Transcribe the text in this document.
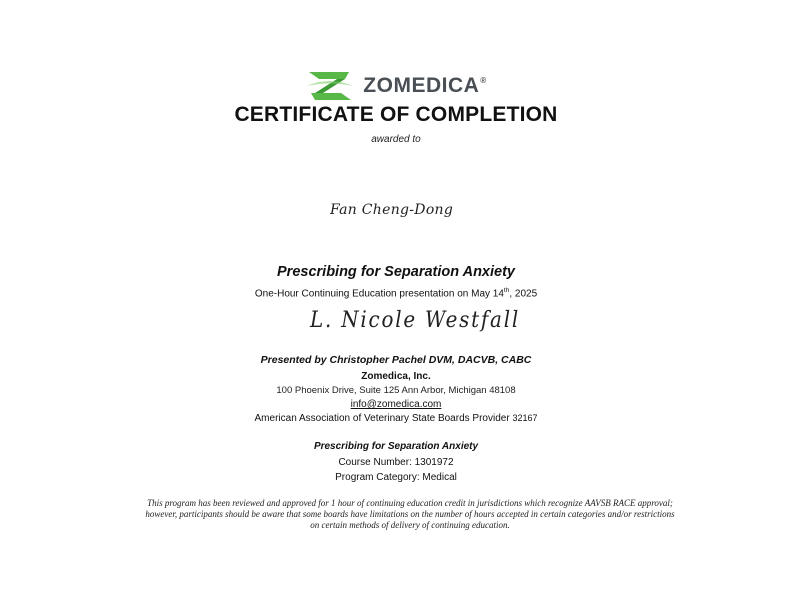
ZOMEDICA®
CERTIFICATE OF COMPLETION
awarded to
Fan Cheng-Dong
Prescribing for Separation Anxiety
One-Hour Continuing Education presentation on May 14th, 2025
L. Nicole Westfall
Presented by Christopher Pachel DVM, DACVB, CABC
Zomedica, Inc.
100 Phoenix Drive, Suite 125 Ann Arbor, Michigan 48108
info@zomedica.com
American Association of Veterinary State Boards Provider 32167
Prescribing for Separation Anxiety
Course Number: 1301972
Program Category: Medical
This program has been reviewed and approved for 1 hour of continuing education credit in jurisdictions which recognize AAVSB RACE approval; however, participants should be aware that some boards have limitations on the number of hours accepted in certain categories and/or restrictions on certain methods of delivery of continuing education.
